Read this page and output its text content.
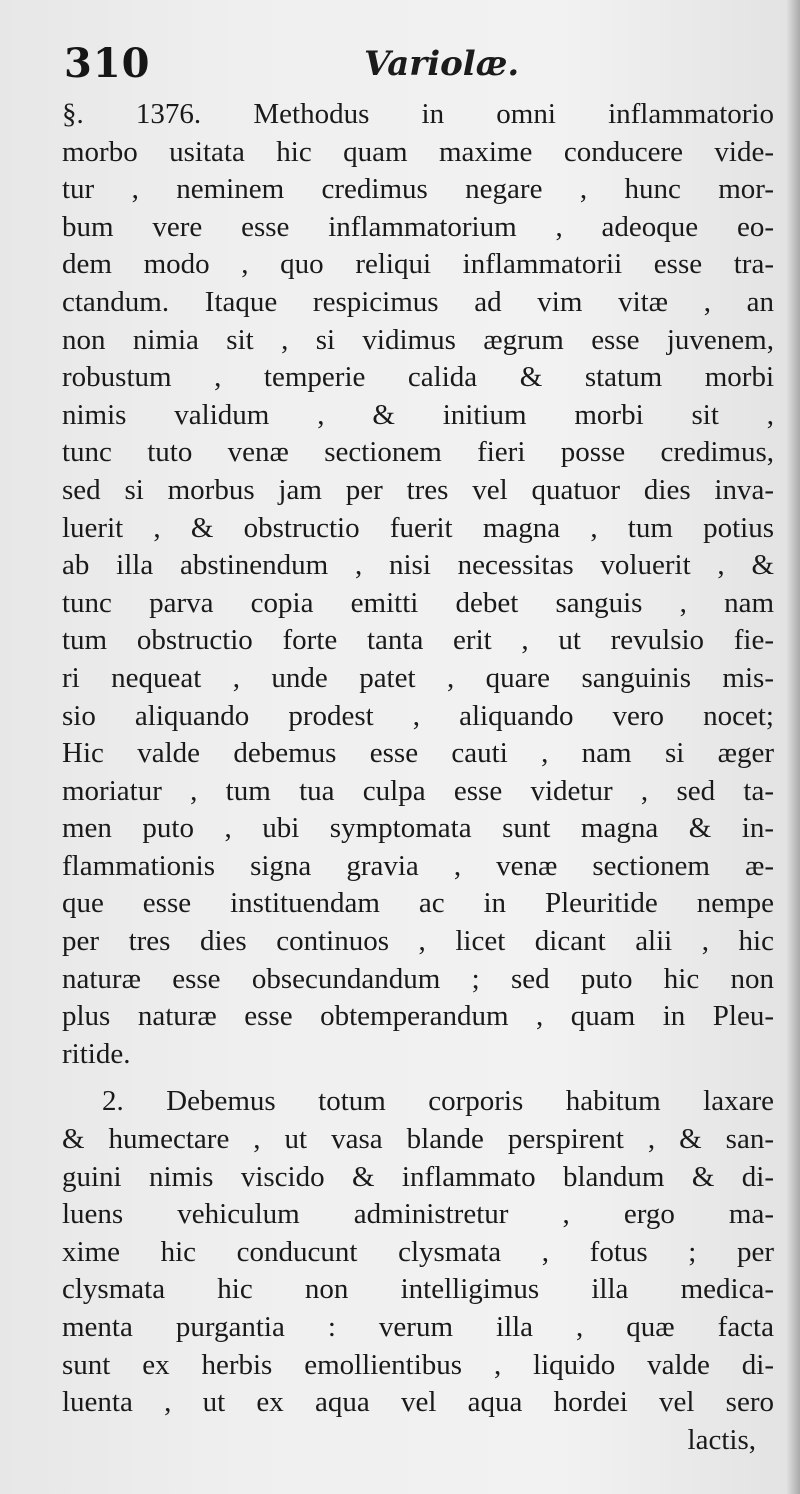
310	Variolæ.
§. 1376. Methodus in omni inflammatorio
morbo usitata hic quam maxime conducere vide-
tur , neminem credimus negare , hunc mor-
bum vere esse inflammatorium , adeoque eo-
dem modo , quo reliqui inflammatorii esse tra-
ctandum. Itaque respicimus ad vim vitæ , an
non nimia sit , si vidimus ægrum esse juvenem,
robustum , temperie calida & statum morbi
nimis validum , & initium morbi sit ,
tunc tuto venæ sectionem fieri posse credimus,
sed si morbus jam per tres vel quatuor dies inva-
luerit , & obstructio fuerit magna , tum potius
ab illa abstinendum , nisi necessitas voluerit , &
tunc parva copia emitti debet sanguis , nam
tum obstructio forte tanta erit , ut revulsio fie-
ri nequeat , unde patet , quare sanguinis mis-
sio aliquando prodest , aliquando vero nocet;
Hic valde debemus esse cauti , nam si æger
moriatur , tum tua culpa esse videtur , sed ta-
men puto , ubi symptomata sunt magna & in-
flammationis signa gravia , venæ sectionem æ-
que esse instituendam ac in Pleuritide nempe
per tres dies continuos , licet dicant alii , hic
naturæ esse obsecundandum ; sed puto hic non
plus naturæ esse obtemperandum , quam in Pleu-
ritide.
2. Debemus totum corporis habitum laxare
& humectare , ut vasa blande perspirent , & san-
guini nimis viscido & inflammato blandum & di-
luens vehiculum administretur , ergo ma-
xime hic conducunt clysmata , fotus ; per
clysmata hic non intelligimus illa medica-
menta purgantia : verum illa , quæ facta
sunt ex herbis emollientibus , liquido valde di-
luenta , ut ex aqua vel aqua hordei vel sero
lactis,
